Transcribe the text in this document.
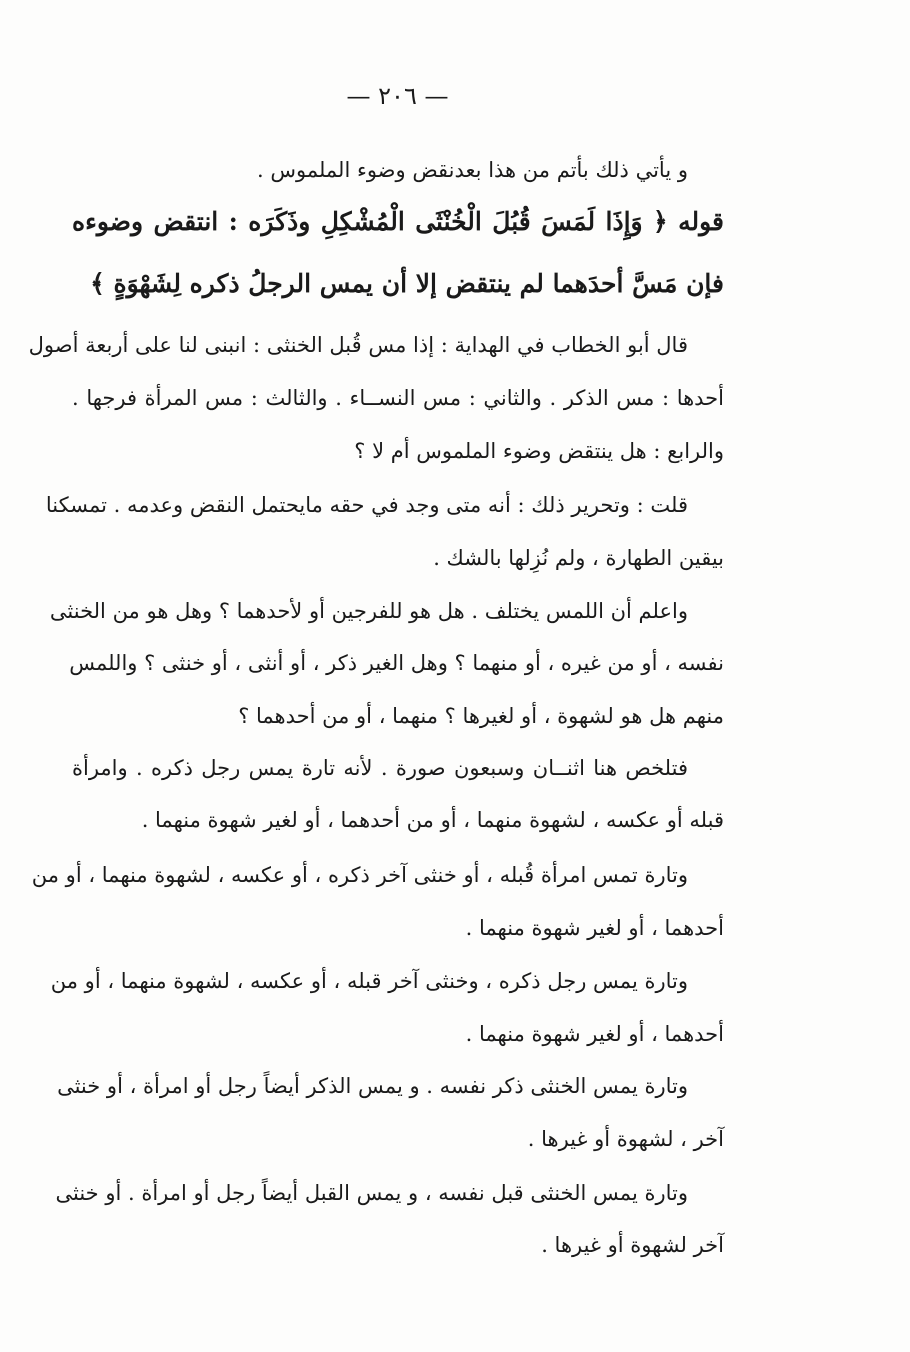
— ٢٠٦ —
و يأتي ذلك بأتم من هذا بعدنقض وضوء الملموس .
قوله ﴿ وَإِذَا لَمَسَ قُبُلَ الْخُنْثَى الْمُشْكِلِ وذَكَرَه : انتقض وضوءه
فإن مَسَّ أحدَهما لم ينتقض إلا أن يمس الرجلُ ذكره لِشَهْوَةٍ ﴾
قال أبو الخطاب في الهداية : إذا مس قُبل الخنثى : انبنى لنا على أربعة أصول
أحدها : مس الذكر . والثاني : مس النســاء . والثالث : مس المرأة فرجها .
والرابع : هل ينتقض وضوء الملموس أم لا ؟
قلت : وتحرير ذلك : أنه متى وجد في حقه مايحتمل النقض وعدمه . تمسكنا
بيقين الطهارة ، ولم نُزِلها بالشك .
واعلم أن اللمس يختلف . هل هو للفرجين أو لأحدهما ؟ وهل هو من الخنثى
نفسه ، أو من غيره ، أو منهما ؟ وهل الغير ذكر ، أو أنثى ، أو خنثى ؟ واللمس
منهم هل هو لشهوة ، أو لغيرها ؟ منهما ، أو من أحدهما ؟
فتلخص هنا اثنــان وسبعون صورة . لأنه تارة يمس رجل ذكره . وامرأة
قبله أو عكسه ، لشهوة منهما ، أو من أحدهما ، أو لغير شهوة منهما .
وتارة تمس امرأة قُبله ، أو خنثى آخر ذكره ، أو عكسه ، لشهوة منهما ، أو من
أحدهما ، أو لغير شهوة منهما .
وتارة يمس رجل ذكره ، وخنثى آخر قبله ، أو عكسه ، لشهوة منهما ، أو من
أحدهما ، أو لغير شهوة منهما .
وتارة يمس الخنثى ذكر نفسه . و يمس الذكر أيضاً رجل أو امرأة ، أو خنثى
آخر ، لشهوة أو غيرها .
وتارة يمس الخنثى قبل نفسه ، و يمس القبل أيضاً رجل أو امرأة . أو خنثى
آخر لشهوة أو غيرها .
